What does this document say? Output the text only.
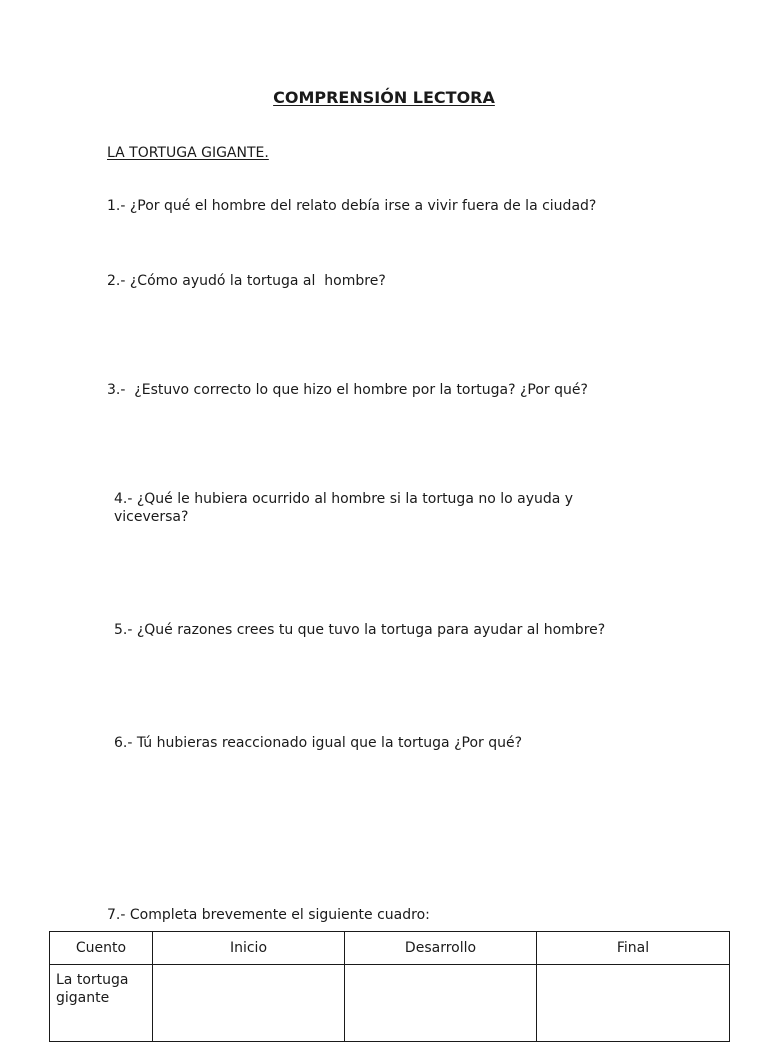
COMPRENSIÓN LECTORA
LA TORTUGA GIGANTE.
1.- ¿Por qué el hombre del relato debía irse a vivir fuera de la ciudad?
2.- ¿Cómo ayudó la tortuga al  hombre?
3.-  ¿Estuvo correcto lo que hizo el hombre por la tortuga? ¿Por qué?
4.- ¿Qué le hubiera ocurrido al hombre si la tortuga no lo ayuda y viceversa?
5.- ¿Qué razones crees tu que tuvo la tortuga para ayudar al hombre?
6.- Tú hubieras reaccionado igual que la tortuga ¿Por qué?
7.- Completa brevemente el siguiente cuadro:
Cuento	Inicio	Desarrollo	Final
La tortuga gigante			
